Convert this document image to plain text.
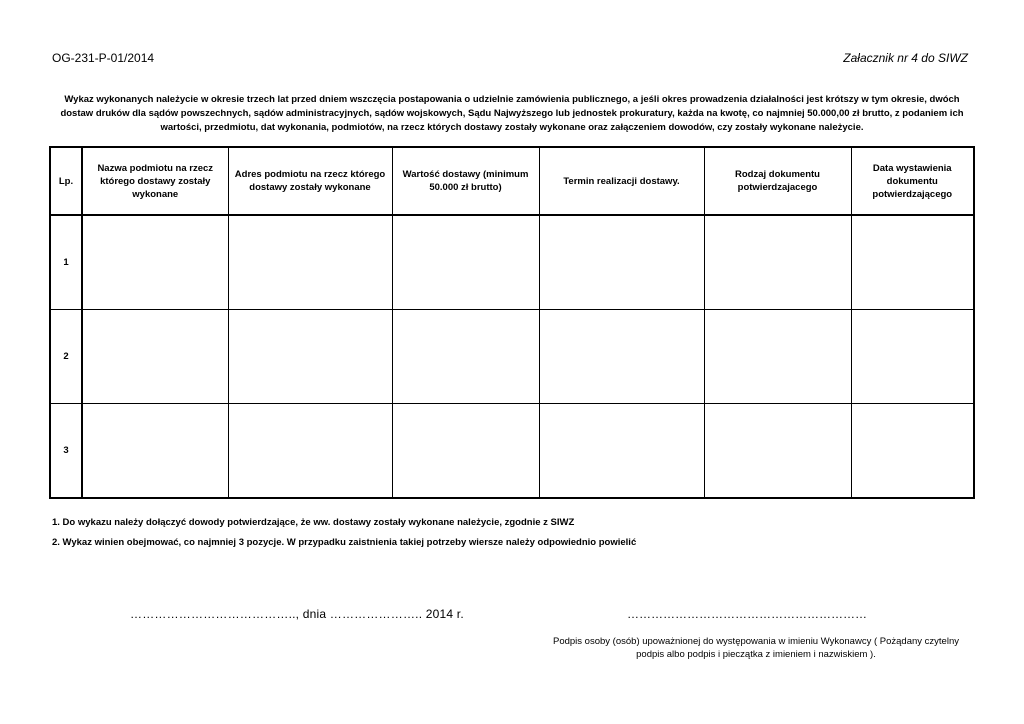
OG-231-P-01/2014	Załacznik nr 4 do SIWZ
Wykaz wykonanych należycie w okresie trzech lat przed dniem wszczęcia postapowania o udzielnie zamówienia publicznego, a jeśli okres prowadzenia działalności jest krótszy w tym okresie, dwóch dostaw druków dla sądów powszechnych, sądów administracyjnych, sądów wojskowych, Sądu Najwyższego lub jednostek prokuratury, każda na kwotę, co najmniej 50.000,00 zł brutto, z podaniem ich wartości, przedmiotu, dat wykonania, podmiotów, na rzecz których dostawy zostały wykonane oraz załączeniem dowodów, czy zostały wykonane należycie.
Lp.	Nazwa podmiotu na rzecz którego dostawy zostały wykonane	Adres podmiotu na rzecz którego dostawy zostały wykonane	Wartość dostawy (minimum 50.000 zł brutto)	Termin realizacji dostawy.	Rodzaj dokumentu potwierdzajacego	Data wystawienia dokumentu potwierdzającego
1						
2						
3						
1. Do wykazu należy dołączyć dowody potwierdzające, że ww. dostawy zostały wykonane należycie, zgodnie z SIWZ
2. Wykaz winien obejmować, co najmniej 3 pozycje. W przypadku zaistnienia takiej potrzeby wiersze należy odpowiednio powielić
………………………………….., dnia ………………….. 2014 r.	……………………………………………………
Podpis osoby (osób) upoważnionej do występowania w imieniu Wykonawcy ( Pożądany czytelny podpis albo podpis i pieczątka z imieniem i nazwiskiem ).
